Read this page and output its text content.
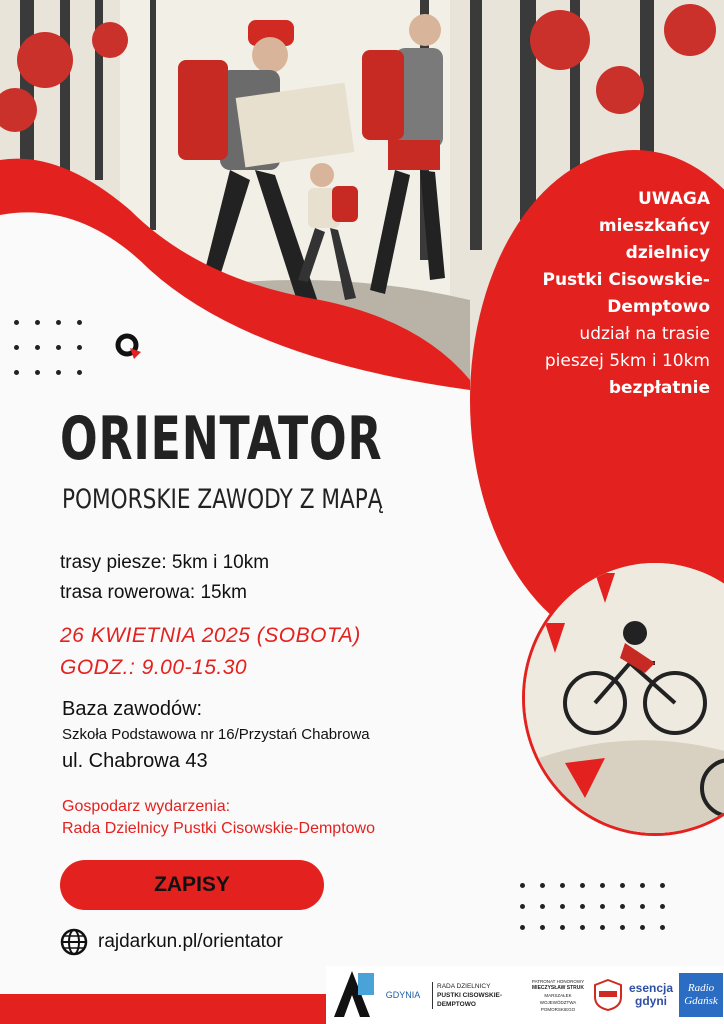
UWAGA
mieszkańcy
dzielnicy
Pustki Cisowskie-
Demptowo
udział na trasie
pieszej 5km i 10km
bezpłatnie
ORIENTATOR
POMORSKIE ZAWODY Z MAPĄ
trasy piesze: 5km i 10km
trasa rowerowa: 15km
26 KWIETNIA 2025 (SOBOTA)
GODZ.: 9.00-15.30
Baza zawodów:
Szkoła Podstawowa nr 16/Przystań Chabrowa
ul. Chabrowa 43
Gospodarz wydarzenia:
Rada Dzielnicy Pustki Cisowskie-Demptowo
ZAPISY
rajdarkun.pl/orientator
GDYNIA
RADA DZIELNICY
PUSTKI CISOWSKIE-
DEMPTOWO
PATRONAT HONOROWY
MIECZYSŁAW STRUK
MARSZAŁEK
WOJEWÓDZTWA POMORSKIEGO
esencja
gdyni
Radio
Gdańsk
